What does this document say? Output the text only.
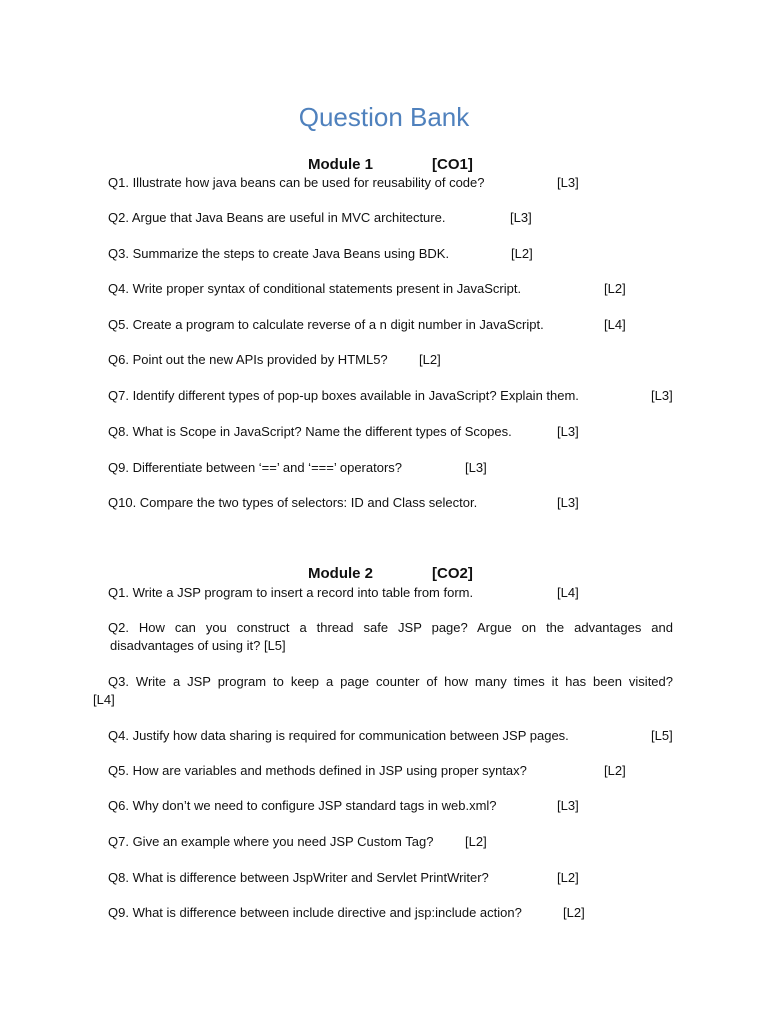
Question Bank
Module 1	[CO1]
Q1. Illustrate how java beans can be used for reusability of code?	[L3]
Q2. Argue that Java Beans are useful in MVC architecture.	[L3]
Q3. Summarize the steps to create Java Beans using BDK.	[L2]
Q4. Write proper syntax of conditional statements present in JavaScript.	[L2]
Q5. Create a program to calculate reverse of a n digit number in JavaScript.	[L4]
Q6. Point out the new APIs provided by HTML5? [L2]
Q7. Identify different types of pop-up boxes available in JavaScript? Explain them.	[L3]
Q8. What is Scope in JavaScript? Name the different types of Scopes.	[L3]
Q9. Differentiate between ‘==’ and ‘===’ operators?	[L3]
Q10. Compare the two types of selectors: ID and Class selector.	[L3]
Module 2	[CO2]
Q1. Write a JSP program to insert a record into table from form.	[L4]
Q2. How can you construct a thread safe JSP page? Argue on the advantages and
disadvantages of using it? [L5]
Q3. Write a JSP program to keep a page counter of how many times it has been visited?
[L4]
Q4. Justify how data sharing is required for communication between JSP pages.	[L5]
Q5. How are variables and methods defined in JSP using proper syntax?	[L2]
Q6. Why don’t we need to configure JSP standard tags in web.xml?	[L3]
Q7. Give an example where you need JSP Custom Tag? [L2]
Q8. What is difference between JspWriter and Servlet PrintWriter?	[L2]
Q9. What is difference between include directive and jsp:include action?	[L2]
